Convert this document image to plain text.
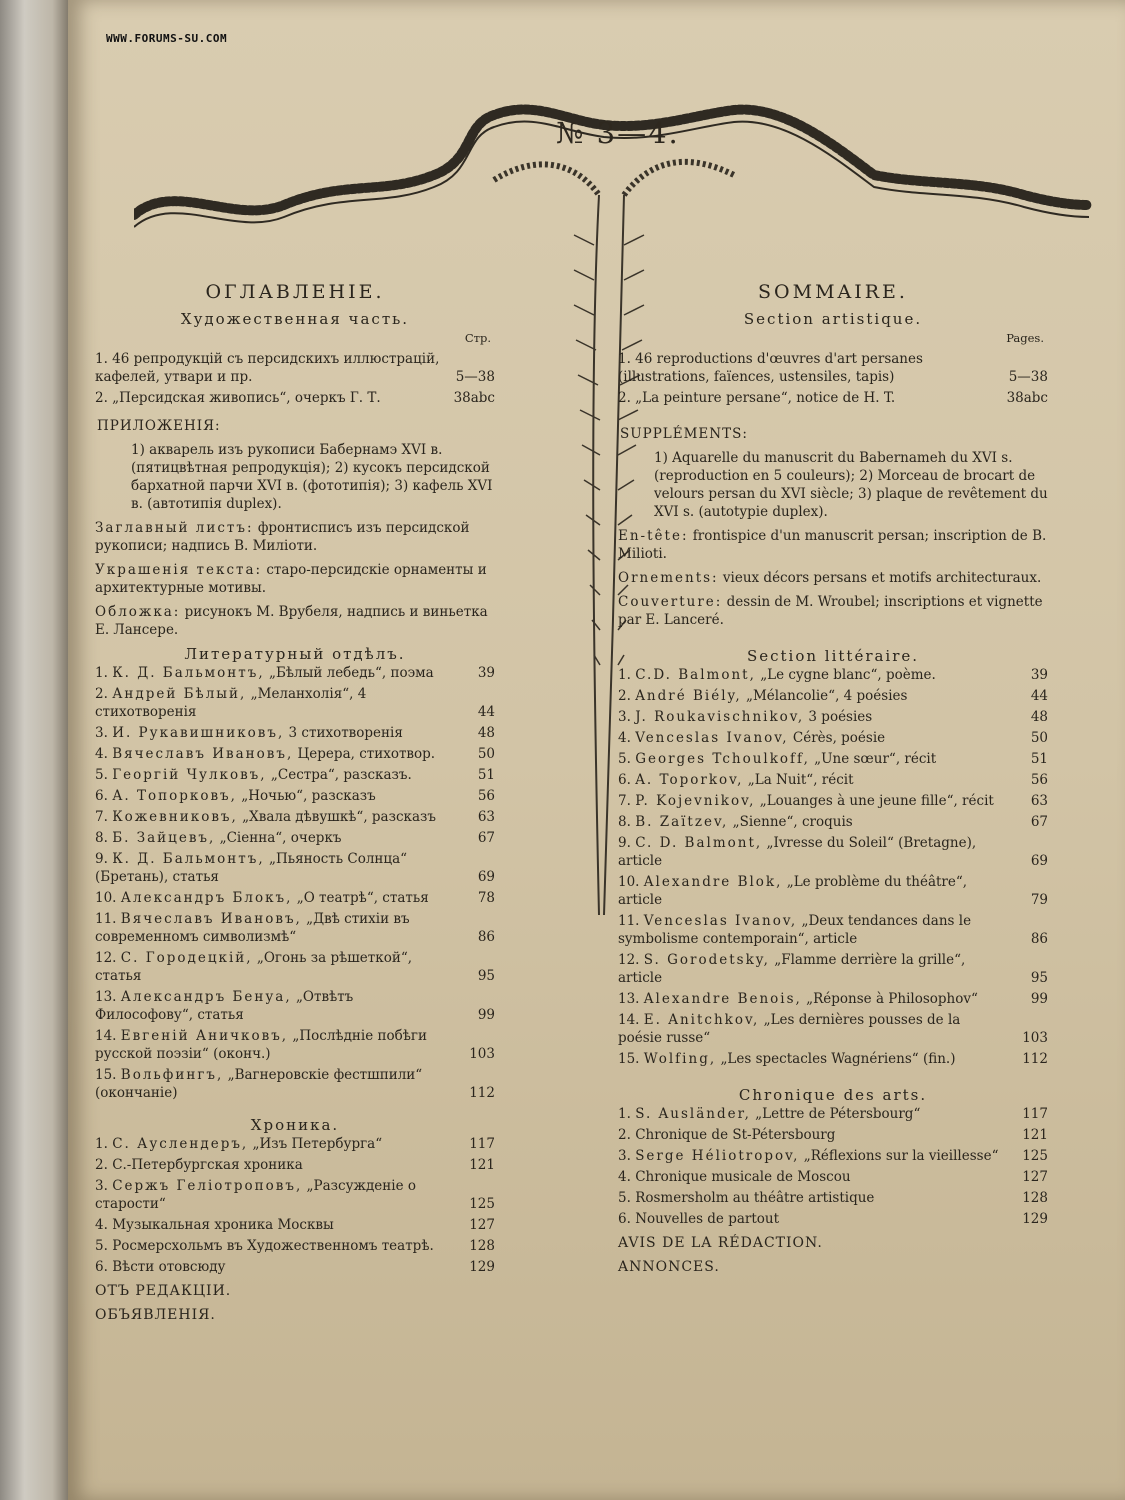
WWW.FORUMS-SU.COM
№ 3—4.
ОГЛАВЛЕНІЕ.
Художественная часть.
Стр.
1. 46 репродукцій съ персидскихъ иллюстрацій, кафелей, утвари и пр.	5—38
2. „Персидская живопись“, очеркъ Г. Т.	38abc
ПРИЛОЖЕНІЯ:
1) акварель изъ рукописи Бабернамэ XVI в. (пятицвѣтная репродукція); 2) кусокъ персидской бархатной парчи XVI в. (фототипія); 3) кафель XVI в. (автотипія duplex).
Заглавный листъ: фронтисписъ изъ персидской рукописи; надпись В. Миліоти.
Украшенія текста: старо-персидскіе орнаменты и архитектурные мотивы.
Обложка: рисунокъ М. Врубеля, надпись и виньетка Е. Лансере.
Литературный отдѣлъ.
1. К. Д. Бальмонтъ, „Бѣлый лебедь“, поэма	39
2. Андрей Бѣлый, „Меланхолія“, 4 стихотворенія	44
3. И. Рукавишниковъ, 3 стихотворенія	48
4. Вячеславъ Ивановъ, Церера, стихотвор.	50
5. Георгій Чулковъ, „Сестра“, разсказъ.	51
6. А. Топорковъ, „Ночью“, разсказъ	56
7. Кожевниковъ, „Хвала дѣвушкѣ“, разсказъ	63
8. Б. Зайцевъ, „Сіенна“, очеркъ	67
9. К. Д. Бальмонтъ, „Пьяность Солнца“ (Бретань), статья	69
10. Александръ Блокъ, „О театрѣ“, статья	78
11. Вячеславъ Ивановъ, „Двѣ стихіи въ современномъ символизмѣ“	86
12. С. Городецкій, „Огонь за рѣшеткой“, статья	95
13. Александръ Бенуа, „Отвѣтъ Философову“, статья	99
14. Евгеній Аничковъ, „Послѣдніе побѣги русской поэзіи“ (оконч.)	103
15. Вольфингъ, „Вагнеровскіе фестшпили“ (окончаніе)	112
Хроника.
1. С. Ауслендеръ, „Изъ Петербурга“	117
2. С.-Петербургская хроника	121
3. Сержъ Геліотроповъ, „Разсужденіе о старости“	125
4. Музыкальная хроника Москвы	127
5. Росмерсхольмъ въ Художественномъ театрѣ.	128
6. Вѣсти отовсюду	129
ОТЪ РЕДАКЦІИ.
ОБЪЯВЛЕНІЯ.
SOMMAIRE.
Section artistique.
Pages.
1. 46 reproductions d'œuvres d'art persanes (illustrations, faïences, ustensiles, tapis)	5—38
2. „La peinture persane“, notice de H. T.	38abc
SUPPLÉMENTS:
1) Aquarelle du manuscrit du Babernameh du XVI s. (reproduction en 5 couleurs); 2) Morceau de brocart de velours persan du XVI siècle; 3) plaque de revêtement du XVI s. (autotypie duplex).
En-tête: frontispice d'un manuscrit persan; inscription de B. Milioti.
Ornements: vieux décors persans et motifs architecturaux.
Couverture: dessin de M. Wroubel; inscriptions et vignette par E. Lanceré.
Section littéraire.
1. C.D. Balmont, „Le cygne blanc“, poème.	39
2. André Biély, „Mélancolie“, 4 poésies	44
3. J. Roukavischnikov, 3 poésies	48
4. Venceslas Ivanov, Cérès, poésie	50
5. Georges Tchoulkoff, „Une sœur“, récit	51
6. A. Toporkov, „La Nuit“, récit	56
7. P. Kojevnikov, „Louanges à une jeune fille“, récit	63
8. B. Zaïtzev, „Sienne“, croquis	67
9. C. D. Balmont, „Ivresse du Soleil“ (Bretagne), article	69
10. Alexandre Blok, „Le problème du théâtre“, article	79
11. Venceslas Ivanov, „Deux tendances dans le symbolisme contemporain“, article	86
12. S. Gorodetsky, „Flamme derrière la grille“, article	95
13. Alexandre Benois, „Réponse à Philosophov“	99
14. E. Anitchkov, „Les dernières pousses de la poésie russe“	103
15. Wolfing, „Les spectacles Wagnériens“ (fin.)	112
Chronique des arts.
1. S. Ausländer, „Lettre de Pétersbourg“	117
2. Chronique de St-Pétersbourg	121
3. Serge Héliotropov, „Réflexions sur la vieillesse“	125
4. Chronique musicale de Moscou	127
5. Rosmersholm au théâtre artistique	128
6. Nouvelles de partout	129
AVIS DE LA RÉDACTION.
ANNONCES.
